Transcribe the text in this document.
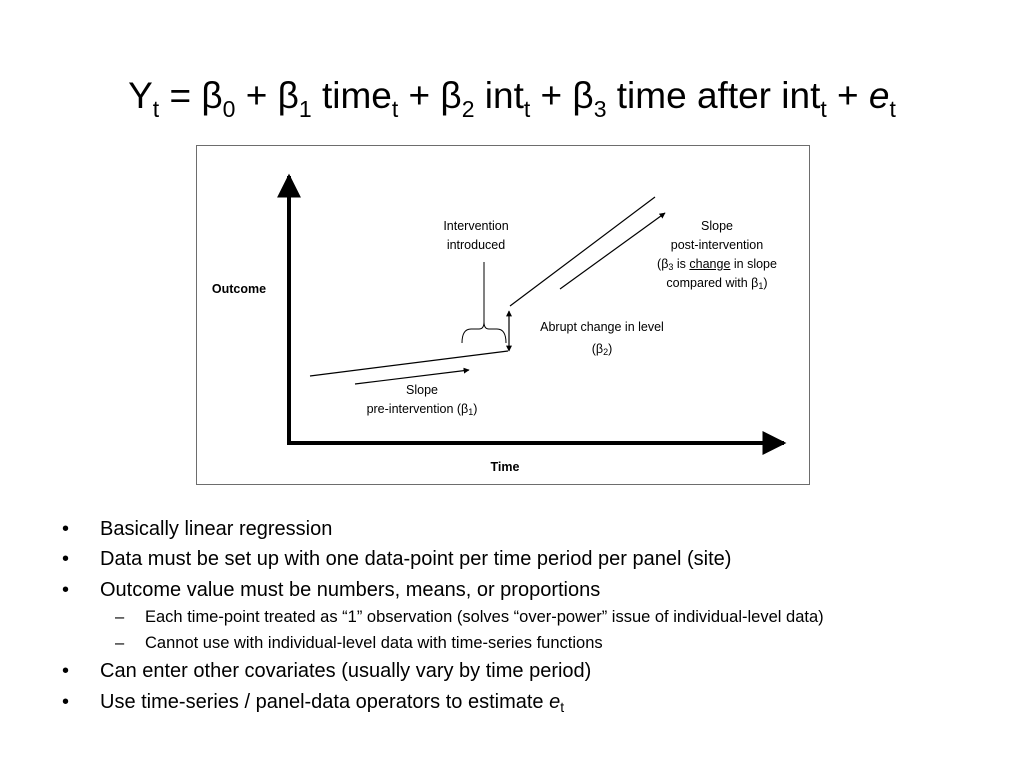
$Y_t = \beta_0 + \beta_1$ time$_t$ + $\beta_2$ $int_t + \beta_3$ time after $int_t + e_t$
Outcome
Time
Intervention
introduced
Slope
post-intervention
($\beta_3$ is change in slope
compared with $\beta_1$)
Abrupt change in level
$(\beta_2)$
Slope
pre-intervention $(\beta_1)$
• Basically linear regression
• Data must be set up with one data-point per time period per panel (site)
• Outcome value must be numbers, means, or proportions
– Each time-point treated as “1” observation (solves “over-power” issue of individual-level data)
– Cannot use with individual-level data with time-series functions
• Can enter other covariates (usually vary by time period)
• Use time-series / panel-data operators to estimate $e_t$
